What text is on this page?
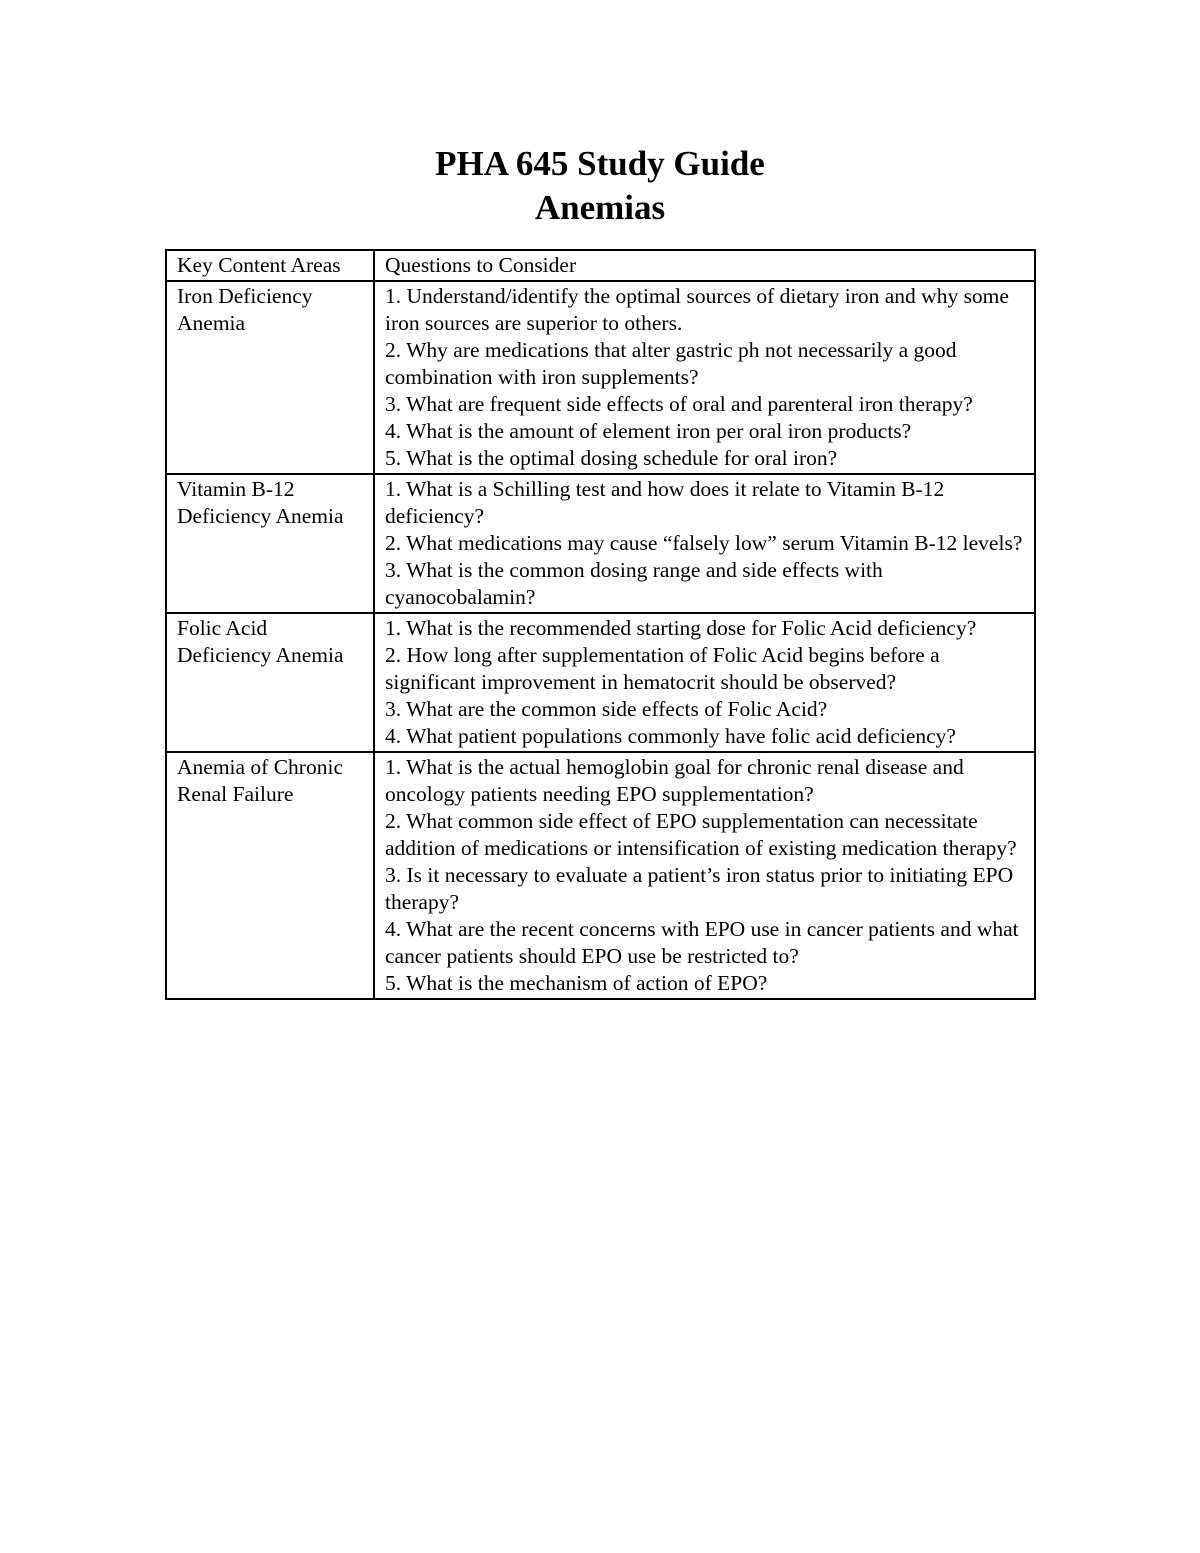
PHA 645 Study Guide

Anemias

Key Content Areas	Questions to Consider
Iron Deficiency Anemia	1. Understand/identify the optimal sources of dietary iron and why some iron sources are superior to others.
2. Why are medications that alter gastric ph not necessarily a good combination with iron supplements?
3. What are frequent side effects of oral and parenteral iron therapy?
4. What is the amount of element iron per oral iron products?
5. What is the optimal dosing schedule for oral iron?

Vitamin B-12 Deficiency Anemia	1. What is a Schilling test and how does it relate to Vitamin B-12 deficiency?
2. What medications may cause “falsely low” serum Vitamin B-12 levels?
3. What is the common dosing range and side effects with cyanocobalamin?

Folic Acid Deficiency Anemia	1. What is the recommended starting dose for Folic Acid deficiency?
2. How long after supplementation of Folic Acid begins before a significant improvement in hematocrit should be observed?
3. What are the common side effects of Folic Acid?
4. What patient populations commonly have folic acid deficiency?

Anemia of Chronic Renal Failure	1. What is the actual hemoglobin goal for chronic renal disease and oncology patients needing EPO supplementation?
2. What common side effect of EPO supplementation can necessitate addition of medications or intensification of existing medication therapy?
3. Is it necessary to evaluate a patient’s iron status prior to initiating EPO therapy?
4. What are the recent concerns with EPO use in cancer patients and what cancer patients should EPO use be restricted to?
5. What is the mechanism of action of EPO?
